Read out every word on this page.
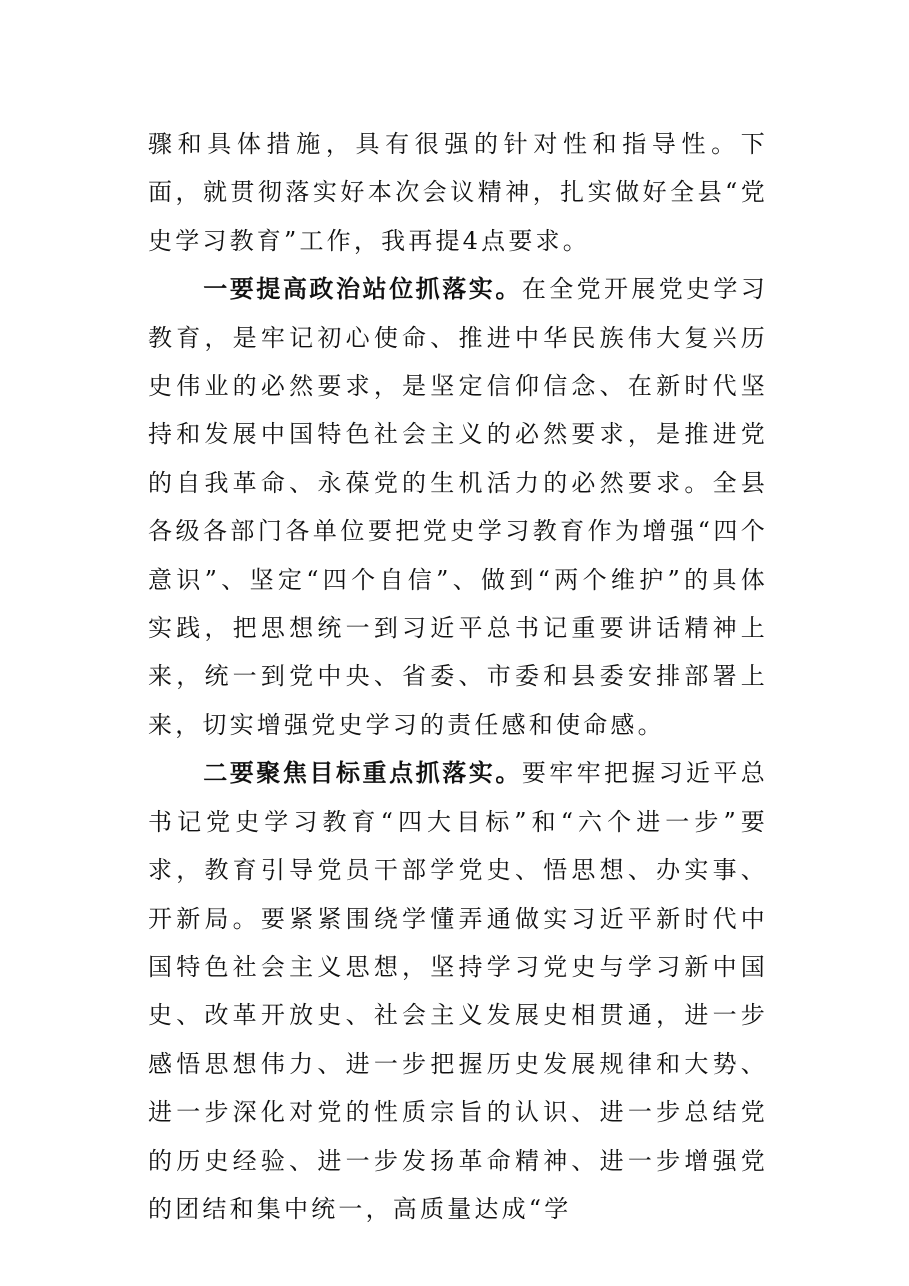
骤和具体措施，具有很强的针对性和指导性。下面，就贯彻落实好本次会议精神，扎实做好全县“党史学习教育”工作，我再提4点要求。

一要提高政治站位抓落实。在全党开展党史学习教育，是牢记初心使命、推进中华民族伟大复兴历史伟业的必然要求，是坚定信仰信念、在新时代坚持和发展中国特色社会主义的必然要求，是推进党的自我革命、永葆党的生机活力的必然要求。全县各级各部门各单位要把党史学习教育作为增强“四个意识”、坚定“四个自信”、做到“两个维护”的具体实践，把思想统一到习近平总书记重要讲话精神上来，统一到党中央、省委、市委和县委安排部署上来，切实增强党史学习的责任感和使命感。

二要聚焦目标重点抓落实。要牢牢把握习近平总书记党史学习教育“四大目标”和“六个进一步”要求，教育引导党员干部学党史、悟思想、办实事、开新局。要紧紧围绕学懂弄通做实习近平新时代中国特色社会主义思想，坚持学习党史与学习新中国史、改革开放史、社会主义发展史相贯通，进一步感悟思想伟力、进一步把握历史发展规律和大势、进一步深化对党的性质宗旨的认识、进一步总结党的历史经验、进一步发扬革命精神、进一步增强党的团结和集中统一，高质量达成“学
